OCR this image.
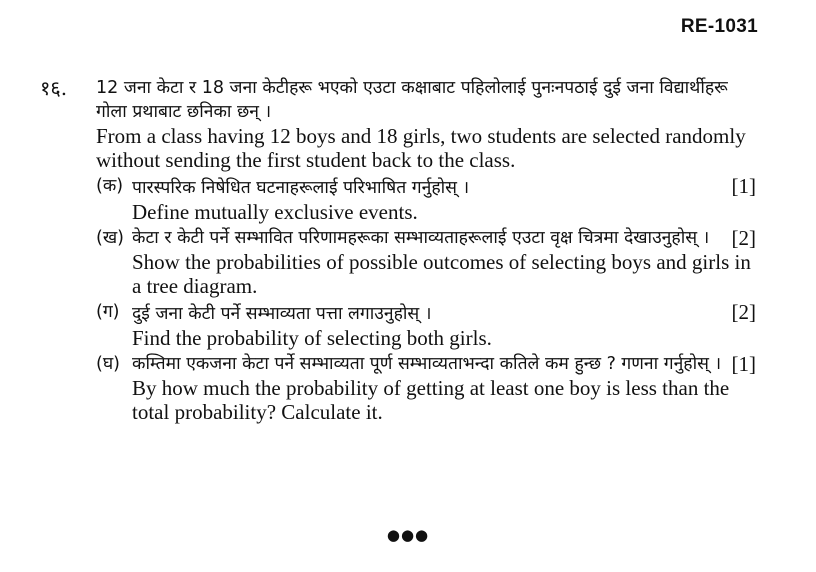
RE-1031
१६.	12 जना केटा र 18 जना केटीहरू भएको एउटा कक्षाबाट पहिलोलाई पुनःनपठाई दुई जना विद्यार्थीहरू गोला प्रथाबाट छनिका छन् ।
From a class having 12 boys and 18 girls, two students are selected randomly without sending the first student back to the class.
(क) पारस्परिक निषेधित घटनाहरूलाई परिभाषित गर्नुहोस् ।	[1]
Define mutually exclusive events.
(ख) केटा र केटी पर्ने सम्भावित परिणामहरूका सम्भाव्यताहरूलाई एउटा वृक्ष चित्रमा देखाउनुहोस् । [2]
Show the probabilities of possible outcomes of selecting boys and girls in a tree diagram.
(ग) दुई जना केटी पर्ने सम्भाव्यता पत्ता लगाउनुहोस् ।	[2]
Find the probability of selecting both girls.
(घ) कम्तिमा एकजना केटा पर्ने सम्भाव्यता पूर्ण सम्भाव्यताभन्दा कतिले कम हुन्छ ? गणना गर्नुहोस् । [1]
By how much the probability of getting at least one boy is less than the total probability? Calculate it.
●●●
